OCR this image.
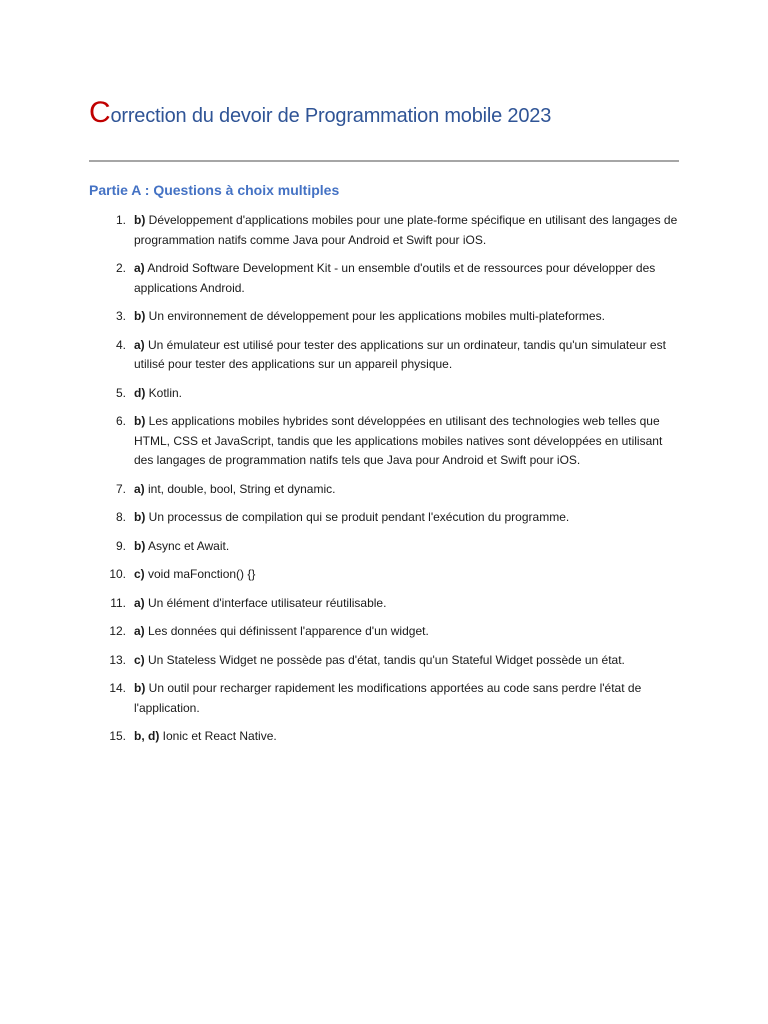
Correction du devoir de Programmation mobile 2023
Partie A : Questions à choix multiples
1. b) Développement d'applications mobiles pour une plate-forme spécifique en utilisant des langages de programmation natifs comme Java pour Android et Swift pour iOS.
2. a) Android Software Development Kit - un ensemble d'outils et de ressources pour développer des applications Android.
3. b) Un environnement de développement pour les applications mobiles multi-plateformes.
4. a) Un émulateur est utilisé pour tester des applications sur un ordinateur, tandis qu'un simulateur est utilisé pour tester des applications sur un appareil physique.
5. d) Kotlin.
6. b) Les applications mobiles hybrides sont développées en utilisant des technologies web telles que HTML, CSS et JavaScript, tandis que les applications mobiles natives sont développées en utilisant des langages de programmation natifs tels que Java pour Android et Swift pour iOS.
7. a) int, double, bool, String et dynamic.
8. b) Un processus de compilation qui se produit pendant l'exécution du programme.
9. b) Async et Await.
10. c) void maFonction() {}
11. a) Un élément d'interface utilisateur réutilisable.
12. a) Les données qui définissent l'apparence d'un widget.
13. c) Un Stateless Widget ne possède pas d'état, tandis qu'un Stateful Widget possède un état.
14. b) Un outil pour recharger rapidement les modifications apportées au code sans perdre l'état de l'application.
15. b, d) Ionic et React Native.
